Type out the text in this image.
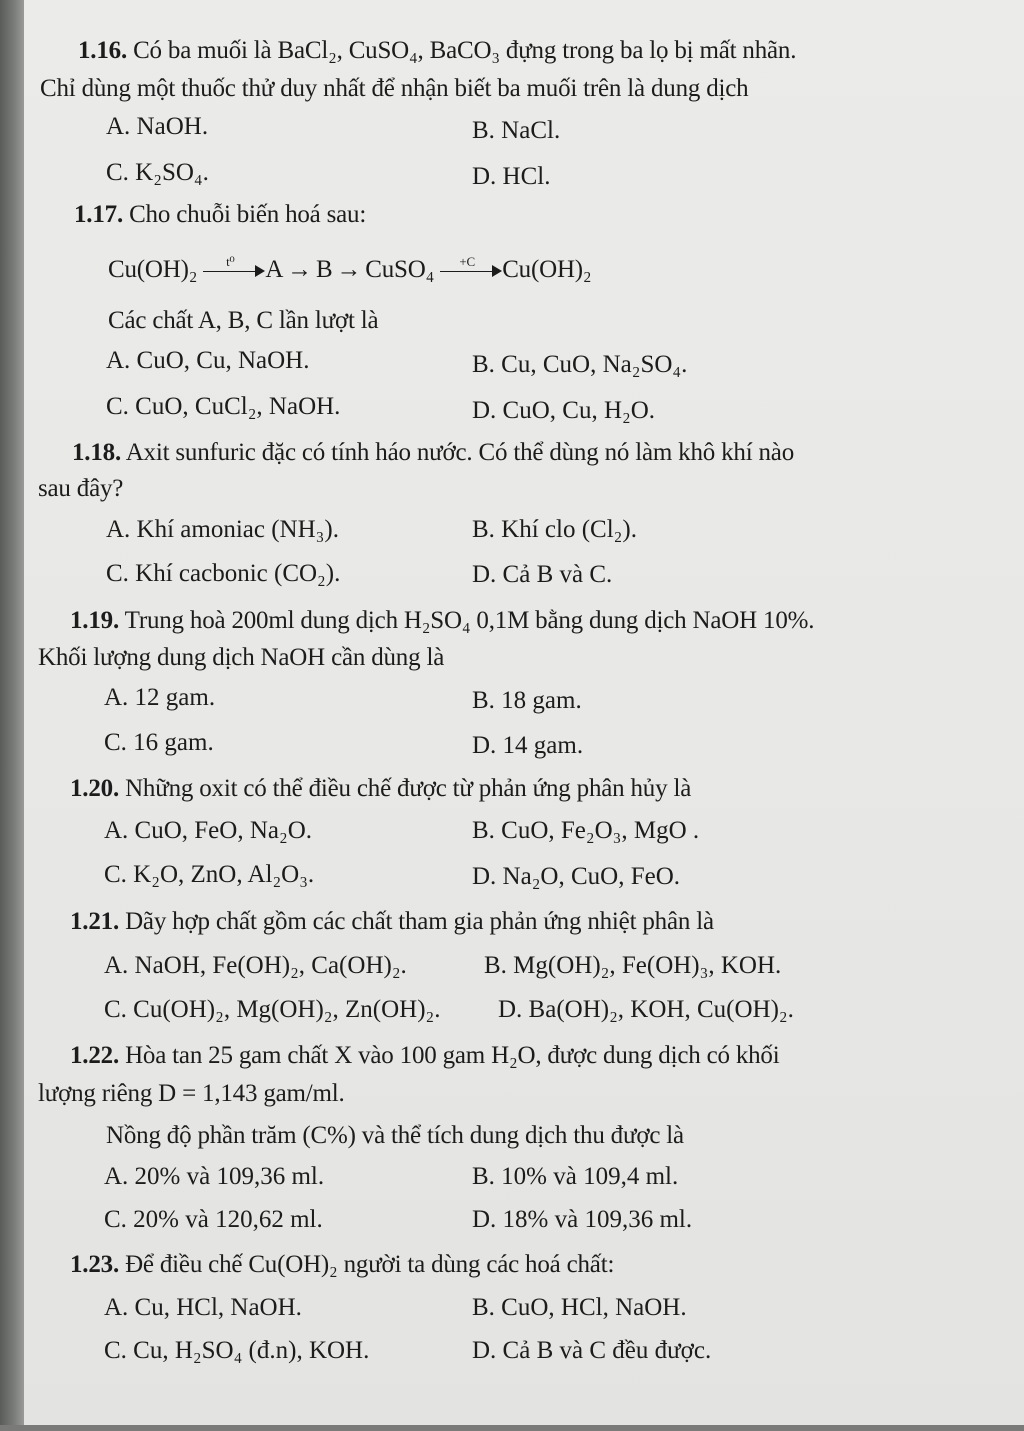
1.16. Có ba muối là BaCl₂, CuSO₄, BaCO₃ đựng trong ba lọ bị mất nhãn.
Chỉ dùng một thuốc thử duy nhất để nhận biết ba muối trên là dung dịch
A. NaOH.	B. NaCl.
C. K₂SO₄.	D. HCl.
1.17. Cho chuỗi biến hoá sau:
Cu(OH)₂	t⁰	A → B → CuSO₄	+C	Cu(OH)₂
Các chất A, B, C lần lượt là
A. CuO, Cu, NaOH.	B. Cu, CuO, Na₂SO₄.
C. CuO, CuCl₂, NaOH.	D. CuO, Cu, H₂O.
1.18. Axit sunfuric đặc có tính háo nước. Có thể dùng nó làm khô khí nào
sau đây?
A. Khí amoniac (NH₃).	B. Khí clo (Cl₂).
C. Khí cacbonic (CO₂).	D. Cả B và C.
1.19. Trung hoà 200ml dung dịch H₂SO₄ 0,1M bằng dung dịch NaOH 10%.
Khối lượng dung dịch NaOH cần dùng là
A. 12 gam.	B. 18 gam.
C. 16 gam.	D. 14 gam.
1.20. Những oxit có thể điều chế được từ phản ứng phân hủy là
A. CuO, FeO, Na₂O.	B. CuO, Fe₂O₃, MgO .
C. K₂O, ZnO, Al₂O₃.	D. Na₂O, CuO, FeO.
1.21. Dãy hợp chất gồm các chất tham gia phản ứng nhiệt phân là
A. NaOH, Fe(OH)₂, Ca(OH)₂.	B. Mg(OH)₂, Fe(OH)₃, KOH.
C. Cu(OH)₂, Mg(OH)₂, Zn(OH)₂. D. Ba(OH)₂, KOH, Cu(OH)₂.
1.22. Hòa tan 25 gam chất X vào 100 gam H₂O, được dung dịch có khối
lượng riêng D = 1,143 gam/ml.
Nồng độ phần trăm (C%) và thể tích dung dịch thu được là
A. 20% và 109,36 ml.	B. 10% và 109,4 ml.
C. 20% và 120,62 ml.	D. 18% và 109,36 ml.
1.23. Để điều chế Cu(OH)₂ người ta dùng các hoá chất:
A. Cu, HCl, NaOH.	B. CuO, HCl, NaOH.
C. Cu, H₂SO₄ (đ.n), KOH.	D. Cả B và C đều được.
